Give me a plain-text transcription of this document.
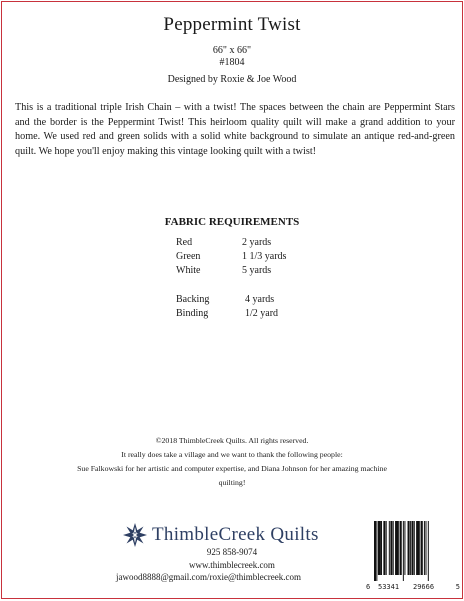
Peppermint Twist
66" x 66"
#1804
Designed by Roxie & Joe Wood

This is a traditional triple Irish Chain – with a twist! The spaces between the chain are Peppermint Stars and the border is the Peppermint Twist! This heirloom quality quilt will make a grand addition to your home. We used red and green solids with a solid white background to simulate an antique red-and-green quilt. We hope you'll enjoy making this vintage looking quilt with a twist!

FABRIC REQUIREMENTS
Red	2 yards
Green	1 1/3 yards
White	5 yards
Backing	4 yards
Binding	1/2 yard
©2018 ThimbleCreek Quilts. All rights reserved.
It really does take a village and we want to thank the following people:
Sue Falkowski for her artistic and computer expertise, and Diana Johnson for her amazing machine
quilting!
ThimbleCreek Quilts
925 858-9074
www.thimblecreek.com
jawood8888@gmail.com/roxie@thimblecreek.com
6 53341 29666	5
